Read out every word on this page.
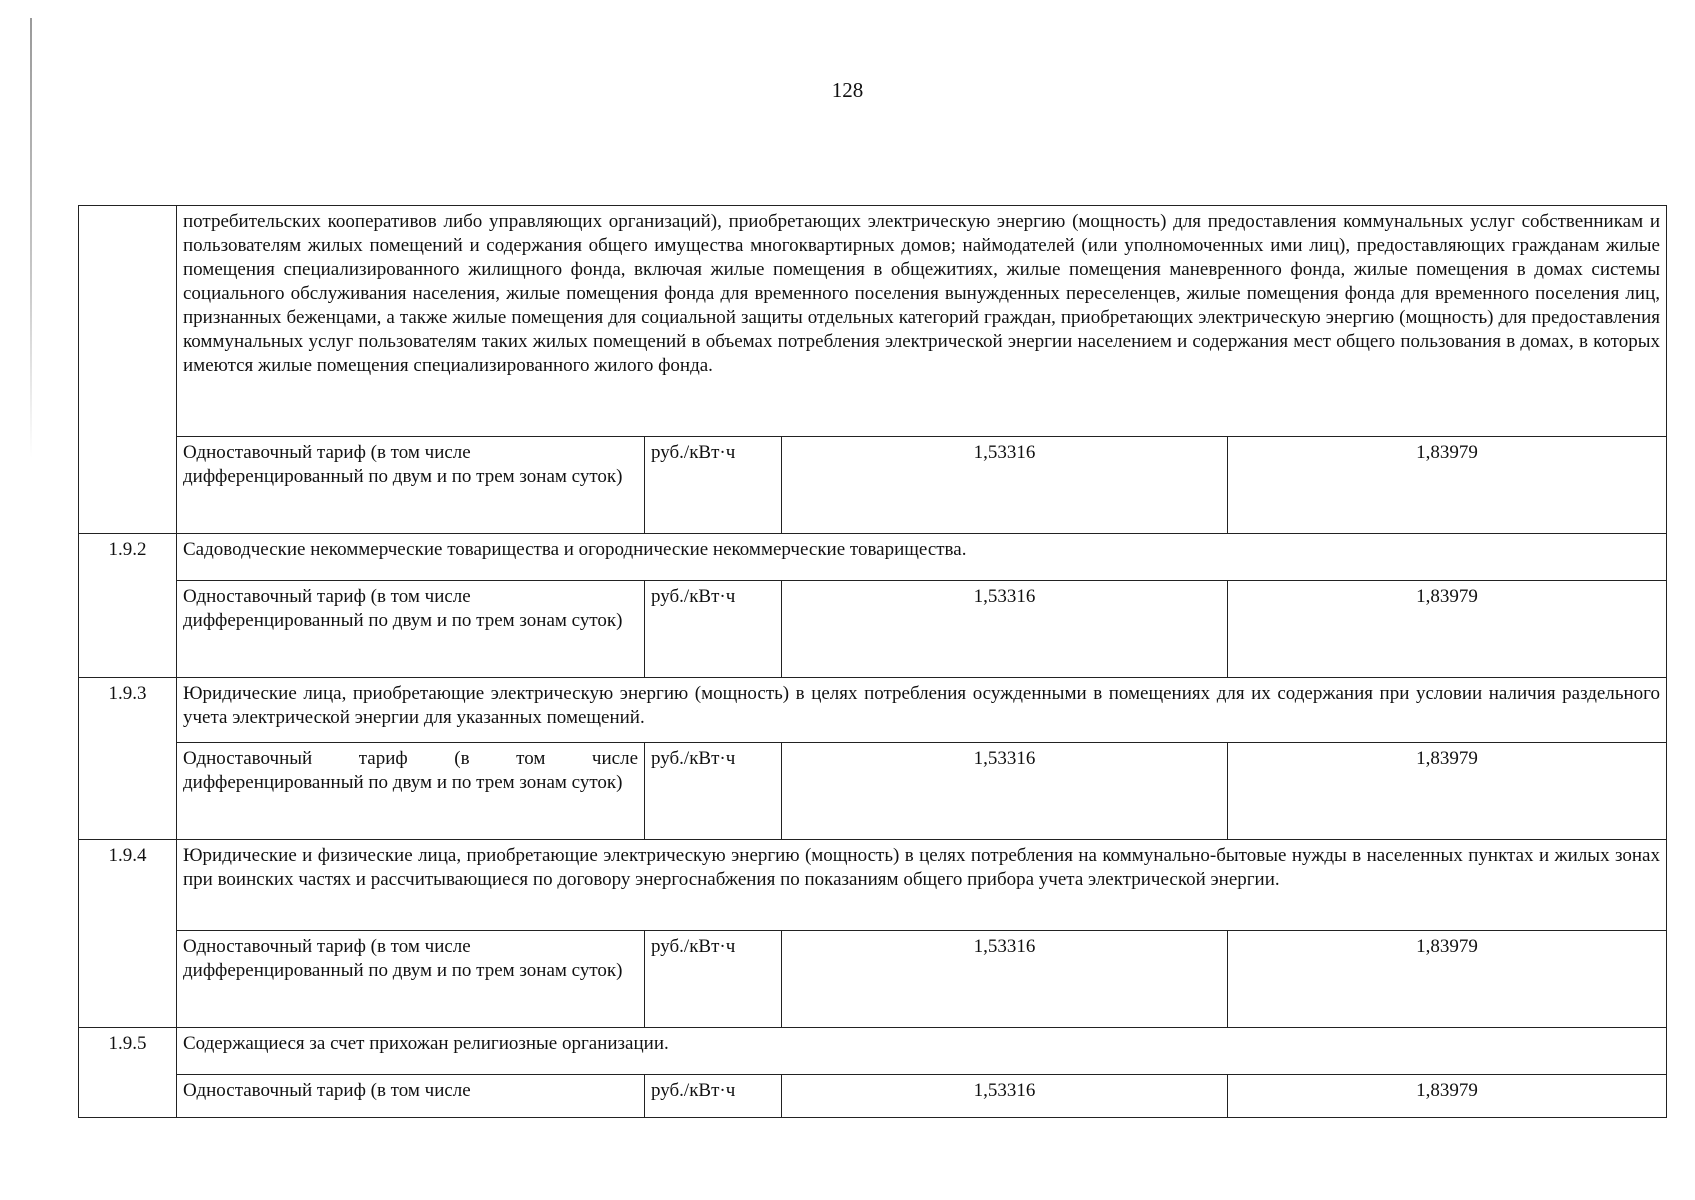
128
	потребительских кооперативов либо управляющих организаций), приобретающих электрическую энергию (мощность) для предоставления коммунальных услуг собственникам и пользователям жилых помещений и содержания общего имущества многоквартирных домов; наймодателей (или уполномоченных ими лиц), предоставляющих гражданам жилые помещения специализированного жилищного фонда, включая жилые помещения в общежитиях, жилые помещения маневренного фонда, жилые помещения в домах системы социального обслуживания населения, жилые помещения фонда для временного поселения вынужденных переселенцев, жилые помещения фонда для временного поселения лиц, признанных беженцами, а также жилые помещения для социальной защиты отдельных категорий граждан, приобретающих электрическую энергию (мощность) для предоставления коммунальных услуг пользователям таких жилых помещений в объемах потребления электрической энергии населением и содержания мест общего пользования в домах, в которых имеются жилые помещения специализированного жилого фонда.			
	Одноставочный тариф (в том числе дифференцированный по двум и по трем зонам суток)	руб./кВт·ч	1,53316	1,83979
1.9.2	Садоводческие некоммерческие товарищества и огороднические некоммерческие товарищества.			
	Одноставочный тариф (в том числе дифференцированный по двум и по трем зонам суток)	руб./кВт·ч	1,53316	1,83979
1.9.3	Юридические лица, приобретающие электрическую энергию (мощность) в целях потребления осужденными в помещениях для их содержания при условии наличия раздельного учета электрической энергии для указанных помещений.			
	Одноставочный тариф (в том числе дифференцированный по двум и по трем зонам суток)	руб./кВт·ч	1,53316	1,83979
1.9.4	Юридические и физические лица, приобретающие электрическую энергию (мощность) в целях потребления на коммунально-бытовые нужды в населенных пунктах и жилых зонах при воинских частях и рассчитывающиеся по договору энергоснабжения по показаниям общего прибора учета электрической энергии.			
	Одноставочный тариф (в том числе дифференцированный по двум и по трем зонам суток)	руб./кВт·ч	1,53316	1,83979
1.9.5	Содержащиеся за счет прихожан религиозные организации.			
	Одноставочный тариф (в том числе	руб./кВт·ч	1,53316	1,83979
